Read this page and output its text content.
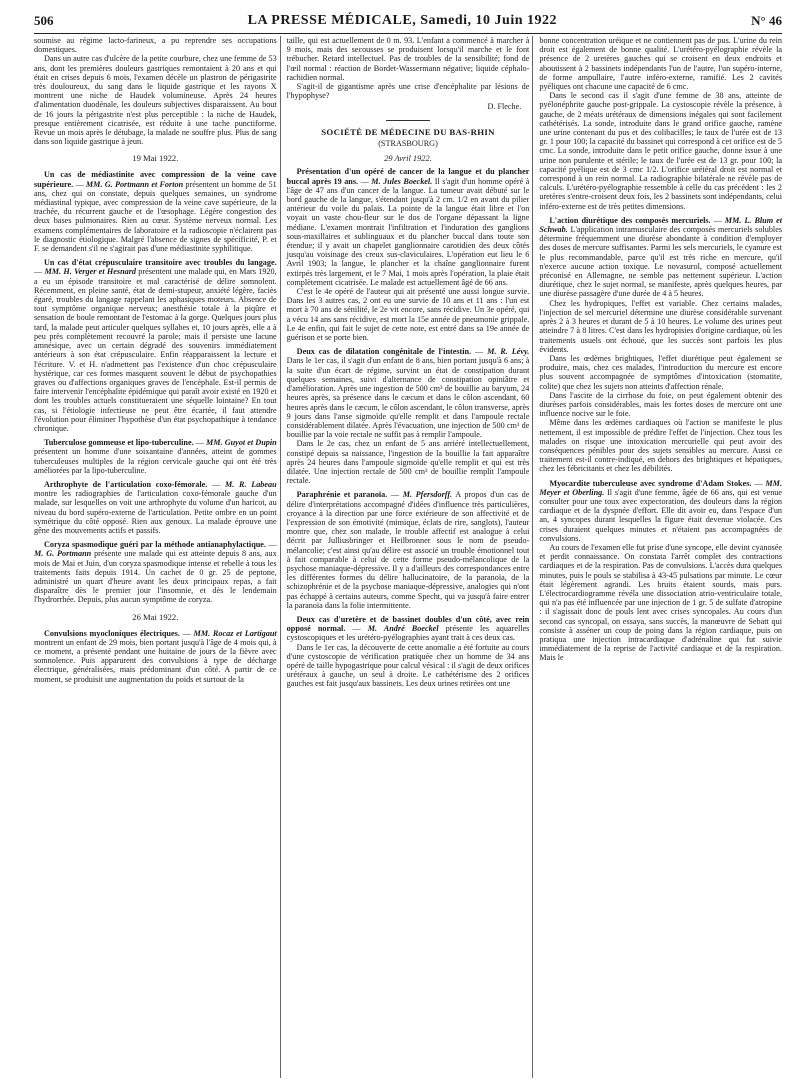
506	LA PRESSE MÉDICALE, Samedi, 10 Juin 1922	N° 46

soumise au régime lacto-farineux, a pu reprendre ses occupations domestiques.

Dans un autre cas d'ulcère de la petite courbure, chez une femme de 53 ans, dont les premières douleurs gastriques remontaient à 20 ans et qui était en crises depuis 6 mois, l'examen décèle un plastron de périgastrite très douloureux, du sang dans le liquide gastrique et les rayons X montrent une niche de Haudek volumineuse. Après 24 heures d'alimentation duodénale, les douleurs subjectives disparaissent. Au bout de 16 jours la périgastrite n'est plus perceptible : la niche de Haudek, presque entièrement cicatrisée, est réduite à une tache punctiforme. Revue un mois après le détubage, la malade ne souffre plus. Plus de sang dans son liquide gastrique à jeun.

19 Mai 1922.

Un cas de médiastinite avec compression de la veine cave supérieure. — MM. G. Portmann et Forton présentent un homme de 51 ans, chez qui on constate, depuis quelques semaines, un syndrome médiastinal typique, avec compression de la veine cave supérieure, de la trachée, du récurrent gauche et de l'œsophage. Légère congestion des deux bases pulmonaires. Rien au cœur. Système nerveux normal. Les examens complémentaires de laboratoire et la radioscopie n'éclairent pas le diagnostic étiologique. Malgré l'absence de signes de spécificité, P. et F. se demandent s'il ne s'agirait pas d'une médiastinite syphilitique.

Un cas d'état crépusculaire transitoire avec troubles du langage. — MM. H. Verger et Hesnard présentent une malade qui, en Mars 1920, a eu un épisode transitoire et mal caractérisé de délire somnolent. Récemment, en pleine santé, état de demi-stupeur, anxiété légère, faciès égaré, troubles du langage rappelant les aphasiques moteurs. Absence de tout symptôme organique nerveux; anesthésie totale à la piqûre et sensation de boule remontant de l'estomac à la gorge. Quelques jours plus tard, la malade peut articuler quelques syllabes et, 10 jours après, elle a à peu près complètement recouvré la parole; mais il persiste une lacune amnésique, avec un certain dégradé des souvenirs immédiatement antérieurs à son état crépusculaire. Enfin réapparaissent la lecture et l'écriture. V. et H. n'admettent pas l'existence d'un choc crépusculaire hystérique, car ces formes masquent souvent le début de psychopathies graves ou d'affections organiques graves de l'encéphale. Est-il permis de faire intervenir l'encéphalite épidémique qui paraît avoir existé en 1920 et dont les troubles actuels constitueraient une séquelle lointaine? En tout cas, si l'étiologie infectieuse ne peut être écartée, il faut attendre l'évolution pour éliminer l'hypothèse d'un état psychopathique à tendance chronique.

Tuberculose gommeuse et lipo-tuberculine. — MM. Guyot et Dupin présentent un homme d'une soixantaine d'années, atteint de gommes tuberculeuses multiples de la région cervicale gauche qui ont été très améliorées par la lipo-tuberculine.

Arthrophyte de l'articulation coxo-fémorale. — M. R. Labeau montre les radiographies de l'articulation coxo-fémorale gauche d'un malade, sur lesquelles on voit une arthrophyte du volume d'un haricot, au niveau du bord supéro-externe de l'articulation. Petite ombre en un point symétrique du côté opposé. Rien aux genoux. La malade éprouve une gêne des mouvements actifs et passifs.

Coryza spasmodique guéri par la méthode antianaphylactique. — M. G. Portmann présente une malade qui est atteinte depuis 8 ans, aux mois de Mai et Juin, d'un coryza spasmodique intense et rebelle à tous les traitements faits depuis 1914. Un cachet de 0 gr. 25 de peptone, administré un quart d'heure avant les deux principaux repas, a fait disparaître dès le premier jour l'insomnie, et dès le lendemain l'hydrorrhée. Depuis, plus aucun symptôme de coryza.

26 Mai 1922.

Convulsions myocloniques électriques. — MM. Rocaz et Lartigaut montrent un enfant de 29 mois, bien portant jusqu'à l'âge de 4 mois qui, à ce moment, a présenté pendant une huitaine de jours de la fièvre avec somnolence. Puis apparurent des convulsions à type de décharge électrique, généralisées, mais prédominant d'un côté. A partir de ce moment, se produisit une augmentation du poids et surtout de la

taille, qui est actuellement de 0 m. 93. L'enfant a commencé à marcher à 9 mois, mais des secousses se produisent lorsqu'il marche et le font trébucher. Retard intellectuel. Pas de troubles de la sensibilité; fond de l'œil normal : réaction de Bordet-Wassermann négative; liquide céphalo-rachidien normal.

S'agit-il de gigantisme après une crise d'encéphalite par lésions de l'hypophyse?

D. Fleche.
SOCIÉTÉ DE MÉDECINE DU BAS-RHIN
(STRASBOURG)
29 Avril 1922.

Présentation d'un opéré de cancer de la langue et du plancher buccal après 19 ans. — M. Jules Boeckel. Il s'agit d'un homme opéré à l'âge de 47 ans d'un cancer de la langue. La tumeur avait débuté sur le bord gauche de la langue, s'étendant jusqu'à 2 cm. 1/2 en avant du pilier antérieur du voile du palais. La pointe de la langue était libre et l'on voyait un vaste chou-fleur sur le dos de l'organe dépassant la ligne médiane. L'examen montrait l'infiltration et l'induration des ganglions sous-maxillaires et sublinguaux et du plancher buccal dans toute son étendue; il y avait un chapelet ganglionnaire carotidien des deux côtés jusqu'au voisinage des creux sus-claviculaires. L'opération eut lieu le 6 Avril 1903; la langue, le plancher et la chaîne ganglionnaire furent extirpés très largement, et le 7 Mai, 1 mois après l'opération, la plaie était complètement cicatrisée. Le malade est actuellement âgé de 66 ans.

C'est le 4e opéré de l'auteur qui ait présenté une aussi longue survie. Dans les 3 autres cas, 2 ont eu une survie de 10 ans et 11 ans : l'un est mort à 70 ans de sénilité, le 2e vit encore, sans récidive. Un 3e opéré, qui a vécu 14 ans sans récidive, est mort la 15e année de pneumonie grippale. Le 4e enfin, qui fait le sujet de cette note, est entré dans sa 19e année de guérison et se porte bien.

Deux cas de dilatation congénitale de l'intestin. — M. R. Lévy. Dans le 1er cas, il s'agit d'un enfant de 8 ans, bien portant jusqu'à 6 ans; à la suite d'un écart de régime, survint un état de constipation durant quelques semaines, suivi d'alternance de constipation opiniâtre et d'amélioration. Après une ingestion de 500 cm³ de bouillie au baryum, 24 heures après, sa présence dans le cæcum et dans le côlon ascendant, 60 heures après dans le cæcum, le côlon ascendant, le côlon transverse, après 9 jours dans l'anse sigmoïde qu'elle remplit et dans l'ampoule rectale considérablement dilatée. Après l'évacuation, une injection de 500 cm³ de bouillie par la voie rectale ne suffit pas à remplir l'ampoule.

Dans le 2e cas, chez un enfant de 5 ans arriéré intellectuellement, constipé depuis sa naissance, l'ingestion de la bouillie la fait apparaître après 24 heures dans l'ampoule sigmoïde qu'elle remplit et qui est très dilatée. Une injection rectale de 500 cm³ de bouillie remplit l'ampoule rectale.

Paraphrénie et paranoïa. — M. Pfersdorff. A propos d'un cas de délire d'interprétations accompagné d'idées d'influence très particulières, croyance à la direction par une force extérieure de son affectivité et de l'expression de son émotivité (mimique, éclats de rire, sanglots), l'auteur montre que, chez son malade, le trouble affectif est analogue à celui décrit par Julliusbringer et Heilbronner sous le nom de pseudo-mélancolie; c'est ainsi qu'au délire est associé un trouble émotionnel tout à fait comparable à celui de cette forme pseudo-mélancolique de la psychose maniaque-dépressive. Il y a d'ailleurs des correspondances entre les différentes formes du délire hallucinatoire, de la paranoïa, de la schizophrénie et de la psychose maniaque-dépressive, analogies qui n'ont pas échappé à certains auteurs, comme Specht, qui va jusqu'à faire entrer la paranoïa dans la folie intermittente.

Deux cas d'uretère et de bassinet doubles d'un côté, avec rein opposé normal. — M. André Boeckel présente les aquarelles cystoscopiques et les urétéro-pyélographies ayant trait à ces deux cas.

Dans le 1er cas, la découverte de cette anomalie a été fortuite au cours d'une cystoscopie de vérification pratiquée chez un homme de 34 ans opéré de taille hypogastrique pour calcul vésical : il s'agit de deux orifices urétéraux à gauche, un seul à droite. Le cathétérisme des 2 orifices gauches est fait jusqu'aux bassinets. Les deux urines retirées ont une

bonne concentration uréique et ne contiennent pas de pus. L'urine du rein droit est également de bonne qualité. L'urétéro-pyélographie révèle la présence de 2 uretères gauches qui se croisent en deux endroits et aboutissent à 2 bassinets indépendants l'un de l'autre, l'un supéro-interne, de forme ampullaire, l'autre inféro-externe, ramifié. Les 2 cavités pyéliques ont chacune une capacité de 6 cmc.

Dans le second cas il s'agit d'une femme de 38 ans, atteinte de pyélonéphrite gauche post-grippale. La cystoscopie révèle la présence, à gauche, de 2 méats urétéraux de dimensions inégales qui sont facilement cathétérisés. La sonde, introduite dans le grand orifice gauche, ramène une urine contenant du pus et des colibacilles; le taux de l'urée est de 13 gr. 1 pour 100; la capacité du bassinet qui correspond à cet orifice est de 5 cmc. La sonde, introduite dans le petit orifice gauche, donne issue à une urine non purulente et stérile; le taux de l'urée est de 13 gr. pour 100; la capacité pyélique est de 3 cmc 1/2. L'orifice urétéral droit est normal et correspond à un rein normal. La radiographie bilatérale ne révèle pas de calculs. L'urétéro-pyélographie ressemble à celle du cas précédent : les 2 uretères s'entre-croisent deux fois, les 2 bassinets sont indépendants, celui inféro-externe est de très petites dimensions.

L'action diurétique des composés mercuriels. — MM. L. Blum et Schwab. L'application intramusculaire des composés mercuriels solubles détermine fréquemment une diurèse abondante à condition d'employer des doses de mercure suffisantes. Parmi les sels mercuriels, le cyanure est le plus recommandable, parce qu'il est très riche en mercure, qu'il n'exerce aucune action toxique. Le novasurol, composé actuellement préconisé en Allemagne, ne semble pas nettement supérieur. L'action diurétique, chez le sujet normal, se manifeste, après quelques heures, par une diurèse passagère d'une durée de 4 à 5 heures.

Chez les hydropiques, l'effet est variable. Chez certains malades, l'injection de sel mercuriel détermine une diurèse considérable survenant après 2 à 3 heures et durant de 5 à 10 heures. Le volume des urines peut atteindre 7 à 8 litres. C'est dans les hydropisies d'origine cardiaque, où les traitements usuels ont échoué, que les succès sont parfois les plus évidents.

Dans les œdèmes brightiques, l'effet diurétique peut également se produire, mais, chez ces malades, l'introduction du mercure est encore plus souvent accompagnée de symptômes d'intoxication (stomatite, colite) que chez les sujets non atteints d'affection rénale.

Dans l'ascite de la cirrhose du foie, on peut également obtenir des diurèses parfois considérables, mais les fortes doses de mercure ont une influence nocive sur le foie.

Même dans les œdèmes cardiaques où l'action se manifeste le plus nettement, il est impossible de prédire l'effet de l'injection. Chez tous les malades on risque une intoxication mercurielle qui peut avoir des conséquences pénibles pour des sujets sensibles au mercure. Aussi ce traitement est-il contre-indiqué, en dehors des brightiques et hépatiques, chez les fébricitants et chez les débilités.

Myocardite tuberculeuse avec syndrome d'Adam Stokes. — MM. Meyer et Oberling. Il s'agit d'une femme, âgée de 66 ans, qui est venue consulter pour une toux avec expectoration, des douleurs dans la région cardiaque et de la dyspnée d'effort. Elle dit avoir eu, dans l'espace d'un an, 4 syncopes durant lesquelles la figure était devenue violacée. Ces crises duraient quelques minutes et n'étaient pas accompagnées de convulsions.

Au cours de l'examen elle fut prise d'une syncope, elle devint cyanosée et perdit connaissance. On constata l'arrêt complet des contractions cardiaques et de la respiration. Pas de convulsions. L'accès dura quelques minutes, puis le pouls se stabilisa à 43-45 pulsations par minute. Le cœur était légèrement agrandi. Les bruits étaient sourds, mais purs. L'électrocardiogramme révéla une dissociation atrio-ventriculaire totale, qui n'a pas été influencée par une injection de 1 gr. 5 de sulfate d'atropine : il s'agissait donc de pouls lent avec crises syncopales. Au cours d'un second cas syncopal, on essaya, sans succès, la manœuvre de Sebatt qui consiste à asséner un coup de poing dans la région cardiaque, puis on pratiqua une injection intracardiaque d'adrénaline qui fut suivie immédiatement de la reprise de l'activité cardiaque et de la respiration. Mais le
